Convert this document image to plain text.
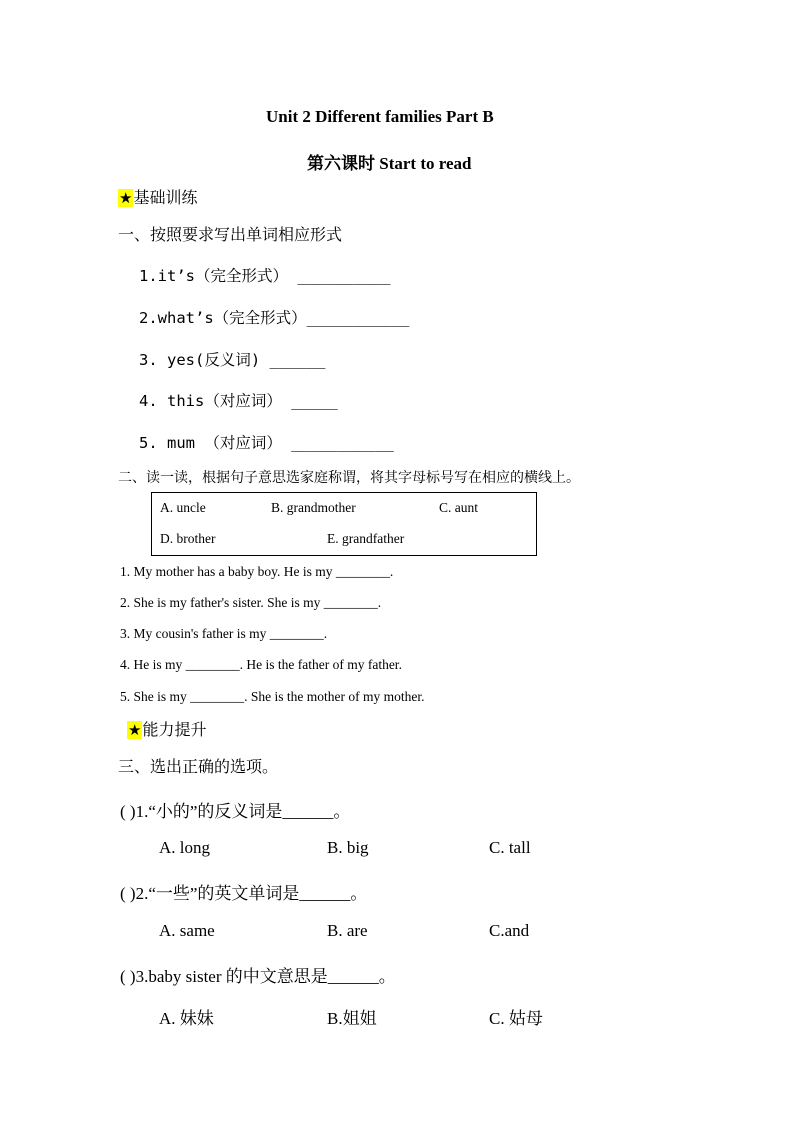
Unit 2 Different families Part B
第六课时 Start to read
★基础训练
一、按照要求写出单词相应形式
1.it’s（完全形式） __________
2.what’s（完全形式）___________
3. yes(反义词) ______
4. this（对应词） _____
5. mum （对应词） ___________
二、读一读，根据句子意思选家庭称谓，将其字母标号写在相应的横线上。
A. uncle	B. grandmother	C. aunt
D. brother	E. grandfather
1. My mother has a baby boy. He is my ________.
2. She is my father's sister. She is my ________.
3. My cousin's father is my ________.
4. He is my ________. He is the father of my father.
5. She is my ________. She is the mother of my mother.
★能力提升
三、选出正确的选项。
( )1.“小的”的反义词是______。
A. long	B. big	C. tall
( )2.“一些”的英文单词是______。
A. same	B. are	C.and
( )3.baby sister 的中文意思是______。
A. 妹妹	B.姐姐	C. 姑母
